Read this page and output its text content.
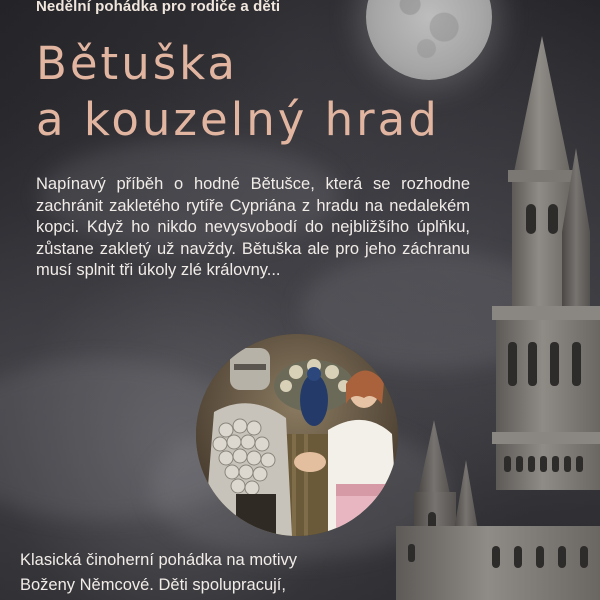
Nedělní pohádka pro rodiče a děti

Bětuška
a kouzelný hrad

Napínavý příběh o hodné Bětušce, která se rozhodne zachránit zakletého rytíře Cypriána z hradu na nedalekém kopci. Když ho nikdo nevysvobodí do nejbližšího úplňku, zůstane zakletý už navždy. Bětuška ale pro jeho záchranu musí splnit tři úkoly zlé královny...

Klasická činoherní pohádka na motivy
Boženy Němcové. Děti spolupracují,
